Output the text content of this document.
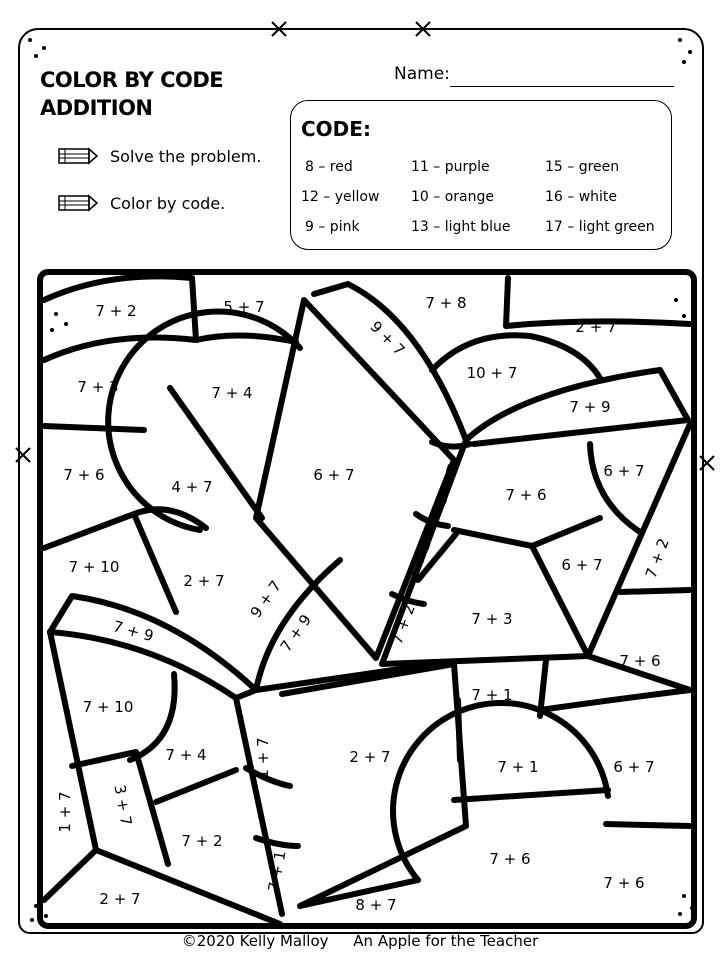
COLOR BY CODE
ADDITION
Name:
Solve the problem.
Color by code.
CODE:
8 – red	11 – purple	15 – green
12 – yellow 10 – orange	16 – white
9 – pink	13 – light blue 17 – light green
7 + 2	5 + 7	7 + 8
2 + 7
9 + 7
10 + 7
7 + 3	7 + 4
7 + 9
7 + 6
4 + 7
6 + 7	3 + 7	7 + 6
6 + 7
7 + 10
2 + 7	7 + 2	7 + 2
6 + 7
7 + 2
9 + 7
7 + 9
7 + 9	7 + 3
7 + 6
7 + 10
7 + 1
7 + 4	1 + 7	2 + 7
7 + 1	6 + 7
3 + 7
1 + 7
7 + 2
7 + 1	7 + 6
7 + 6
2 + 7	8 + 7
©2020 Kelly Malloy An Apple for the Teacher
